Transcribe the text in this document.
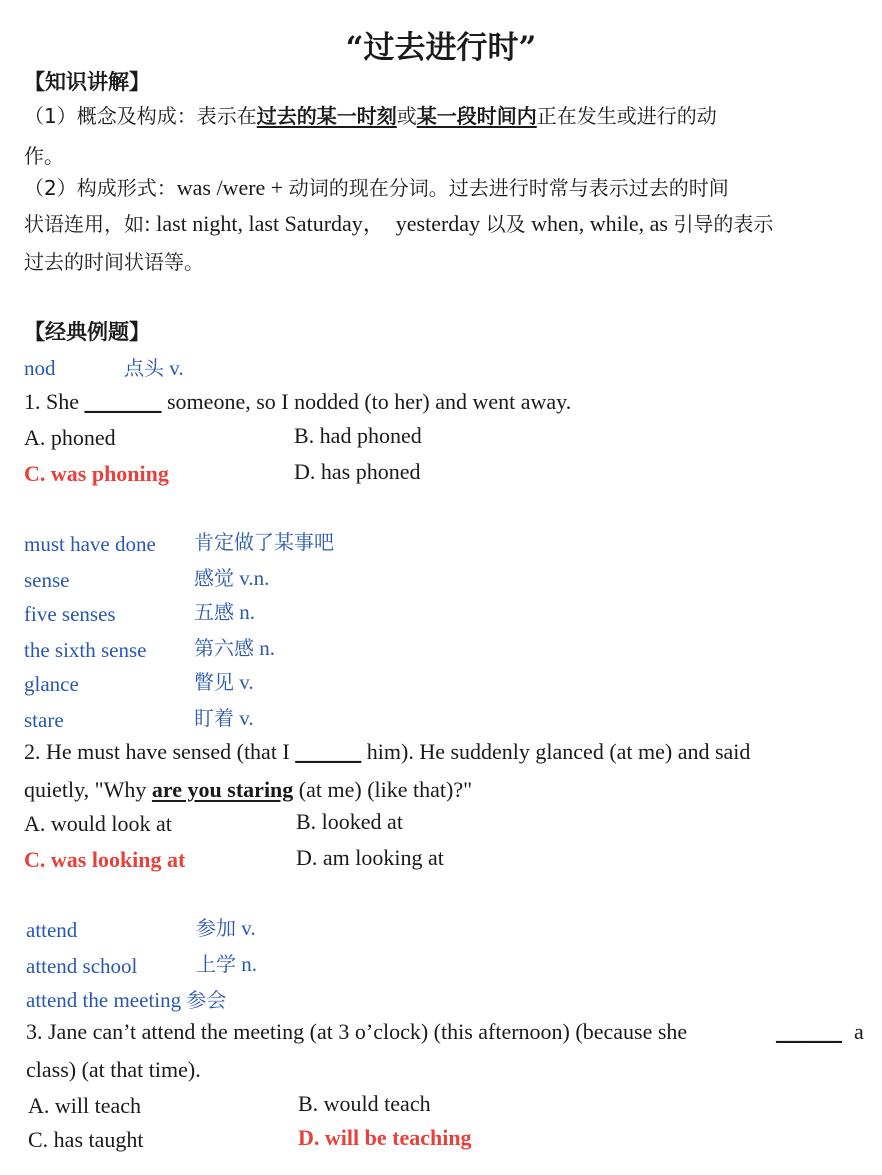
“过去进行时”
【知识讲解】
（1）概念及构成：表示在过去的某一时刻或某一段时间内正在发生或进行的动
作。
（2）构成形式：was /were + 动词的现在分词。过去进行时常与表示过去的时间
状语连用，如: last night, last Saturday， yesterday 以及 when, while, as 引导的表示
过去的时间状语等。
【经典例题】
nod	点头 v.
1. She _______ someone, so I nodded (to her) and went away.
A. phoned	B. had phoned
C. was phoning	D. has phoned
must have done 肯定做了某事吧
sense	感觉 v.n.
five senses	五感 n.
the sixth sense 第六感 n.
glance	瞥见 v.
stare	盯着 v.
2. He must have sensed (that I ______ him). He suddenly glanced (at me) and said
quietly, "Why are you staring (at me) (like that)?"
A. would look at	B. looked at
C. was looking at	D. am looking at
attend	参加 v.
attend school	上学 n.
attend the meeting 参会
3. Jane can’t attend the meeting (at 3 o’clock) (this afternoon) (because she	______ a
class) (at that time).
A. will teach	B. would teach
C. has taught	D. will be teaching
